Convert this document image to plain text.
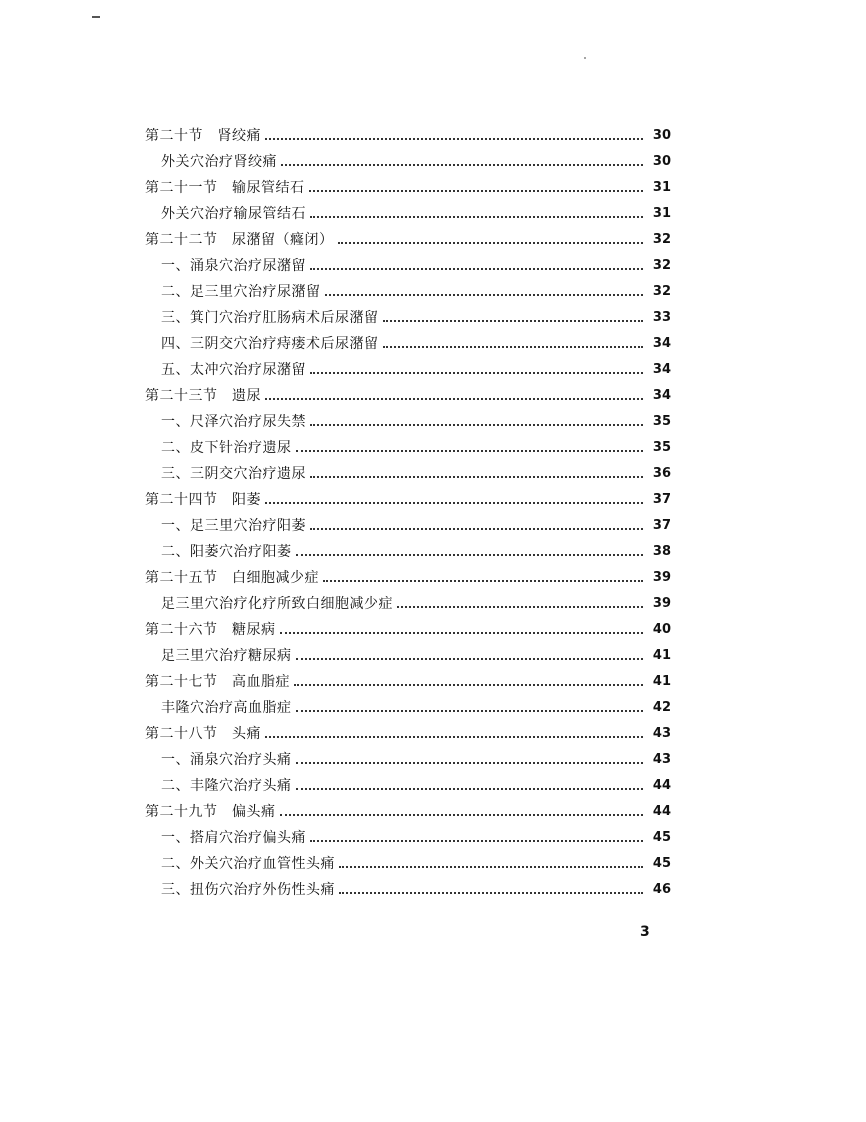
第二十节　肾绞痛	30
外关穴治疗肾绞痛	30
第二十一节　输尿管结石	31
外关穴治疗输尿管结石	31
第二十二节　尿潴留（癃闭）	32
一、涌泉穴治疗尿潴留	32
二、足三里穴治疗尿潴留	32
三、箕门穴治疗肛肠病术后尿潴留	33
四、三阴交穴治疗痔瘘术后尿潴留	34
五、太冲穴治疗尿潴留	34
第二十三节　遗尿	34
一、尺泽穴治疗尿失禁	35
二、皮下针治疗遗尿	35
三、三阴交穴治疗遗尿	36
第二十四节　阳萎	37
一、足三里穴治疗阳萎	37
二、阳萎穴治疗阳萎	38
第二十五节　白细胞减少症	39
足三里穴治疗化疗所致白细胞减少症	39
第二十六节　糖尿病	40
足三里穴治疗糖尿病	41
第二十七节　高血脂症	41
丰隆穴治疗高血脂症	42
第二十八节　头痛	43
一、涌泉穴治疗头痛	43
二、丰隆穴治疗头痛	44
第二十九节　偏头痛	44
一、搭肩穴治疗偏头痛	45
二、外关穴治疗血管性头痛	45
三、扭伤穴治疗外伤性头痛	46
3
